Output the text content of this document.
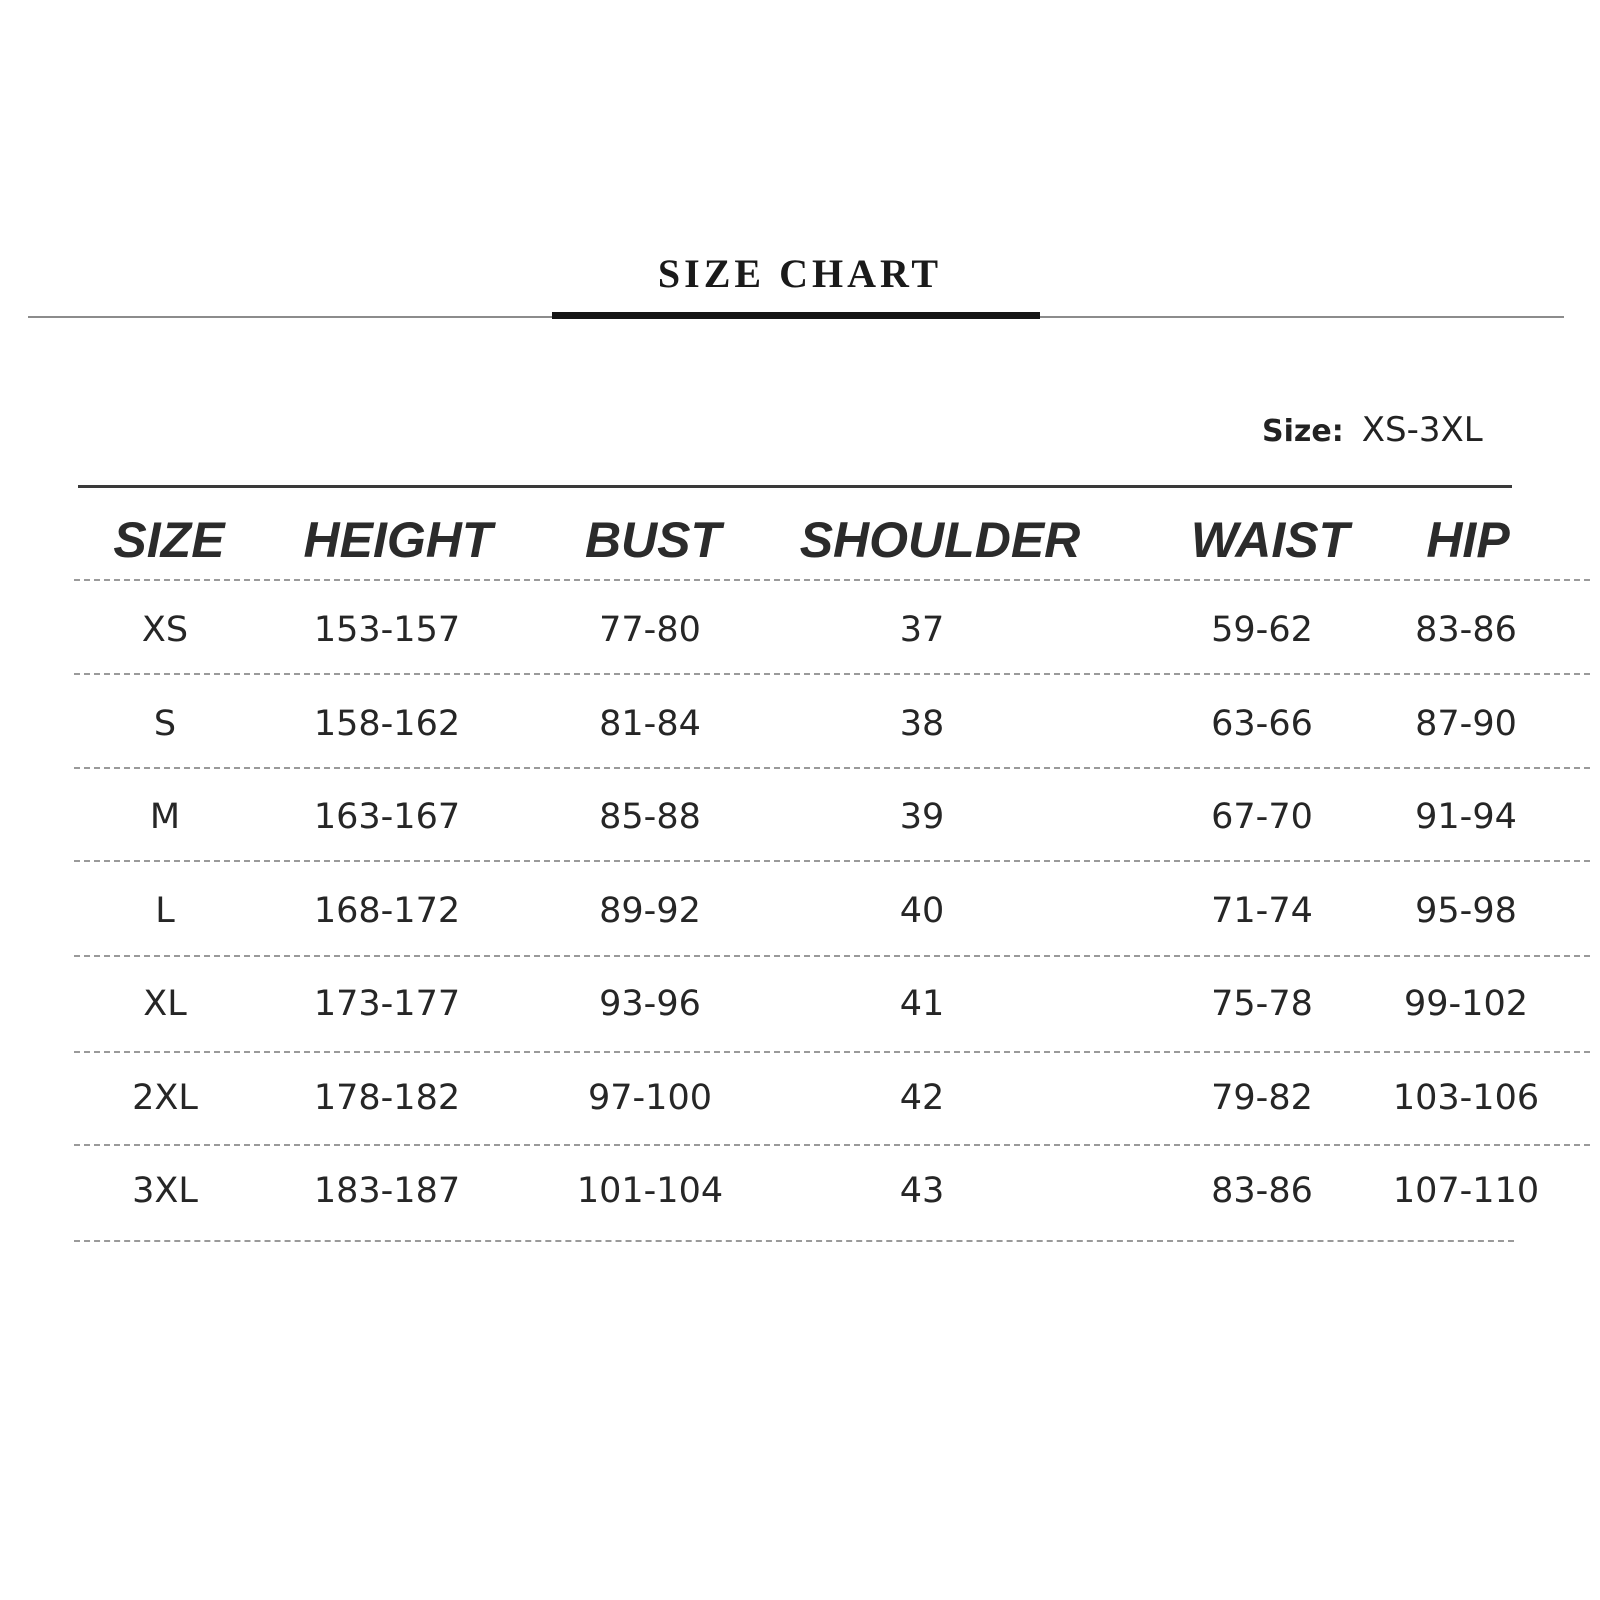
SIZE CHART
Size: XS-3XL
SIZE HEIGHT BUST SHOULDER WAIST HIP
XS	153-157	77-80	37	59-62	83-86
S	158-162	81-84	38	63-66	87-90
M	163-167	85-88	39	67-70	91-94
L	168-172	89-92	40	71-74	95-98
XL	173-177	93-96	41	75-78	99-102
2XL	178-182	97-100	42	79-82 103-106
3XL	183-187	101-104	43	83-86 107-110
